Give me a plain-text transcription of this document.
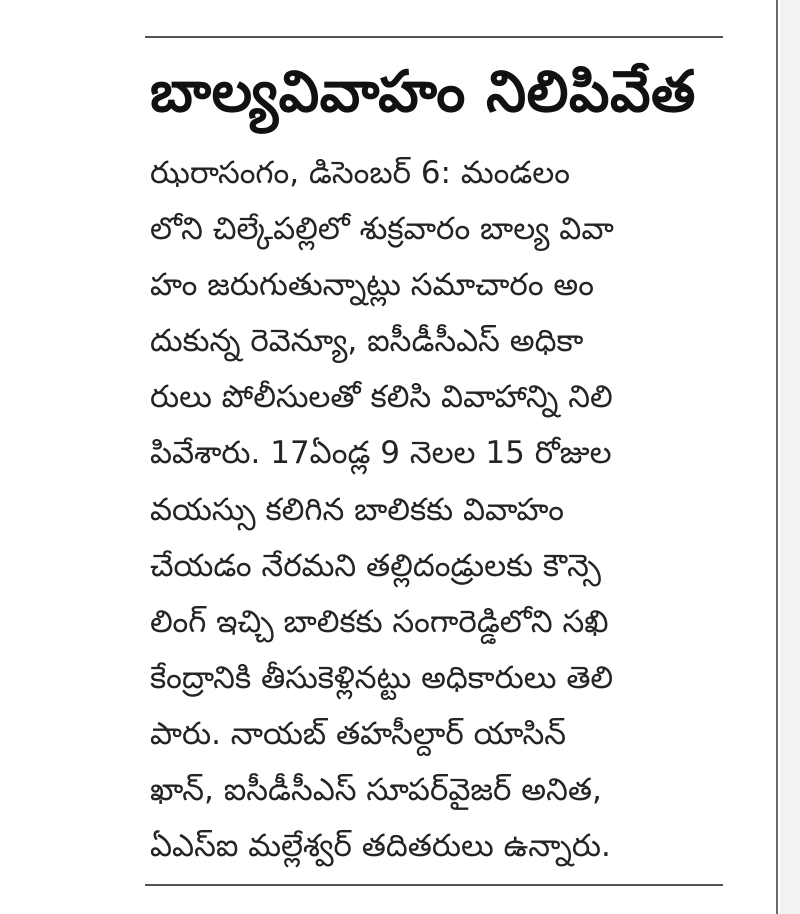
బాల్యవివాహం నిలిపివేత
ఝరాసంగం, డిసెంబర్ 6: మండలం
లోని చిల్కేపల్లిలో శుక్రవారం బాల్య వివా
హం జరుగుతున్నాట్లు సమాచారం అం
దుకున్న రెవెన్యూ, ఐసీడీసీఎస్ అధికా
రులు పోలీసులతో కలిసి వివాహాన్ని నిలి
పివేశారు. 17ఏండ్ల 9 నెలల 15 రోజుల
వయస్సు కలిగిన బాలికకు వివాహం
చేయడం నేరమని తల్లిదండ్రులకు కౌన్సె
లింగ్ ఇచ్చి బాలికకు సంగారెడ్డిలోని సఖి
కేంద్రానికి తీసుకెళ్లినట్టు అధికారులు తెలి
పారు. నాయబ్ తహసీల్దార్ యాసిన్
ఖాన్, ఐసీడీసీఎస్ సూపర్‌వైజర్ అనిత,
ఏఎస్ఐ మల్లేశ్వర్ తదితరులు ఉన్నారు.
